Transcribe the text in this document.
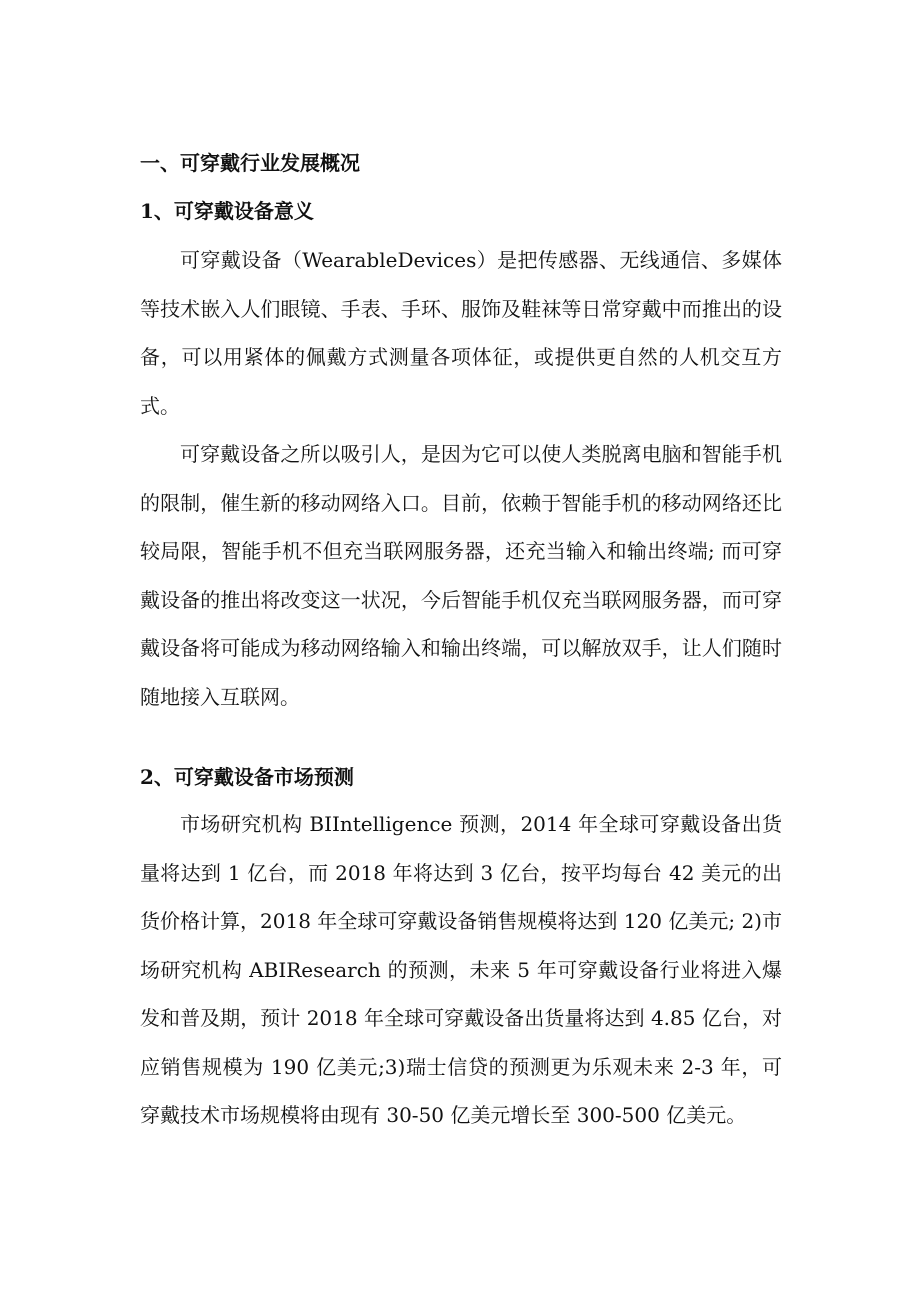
一、可穿戴行业发展概况
1、可穿戴设备意义

可穿戴设备（WearableDevices）是把传感器、无线通信、多媒体等技术嵌入人们眼镜、手表、手环、服饰及鞋袜等日常穿戴中而推出的设备，可以用紧体的佩戴方式测量各项体征，或提供更自然的人机交互方式。

可穿戴设备之所以吸引人，是因为它可以使人类脱离电脑和智能手机的限制，催生新的移动网络入口。目前，依赖于智能手机的移动网络还比较局限，智能手机不但充当联网服务器，还充当输入和输出终端; 而可穿戴设备的推出将改变这一状况，今后智能手机仅充当联网服务器，而可穿戴设备将可能成为移动网络输入和输出终端，可以解放双手，让人们随时随地接入互联网。

2、可穿戴设备市场预测

市场研究机构 BIIntelligence 预测，2014 年全球可穿戴设备出货量将达到 1 亿台，而 2018 年将达到 3 亿台，按平均每台 42 美元的出货价格计算，2018 年全球可穿戴设备销售规模将达到 120 亿美元; 2)市场研究机构 ABIResearch 的预测，未来 5 年可穿戴设备行业将进入爆发和普及期，预计 2018 年全球可穿戴设备出货量将达到 4.85 亿台，对应销售规模为 190 亿美元;3)瑞士信贷的预测更为乐观未来 2-3 年，可穿戴技术市场规模将由现有 30-50 亿美元增长至 300-500 亿美元。
